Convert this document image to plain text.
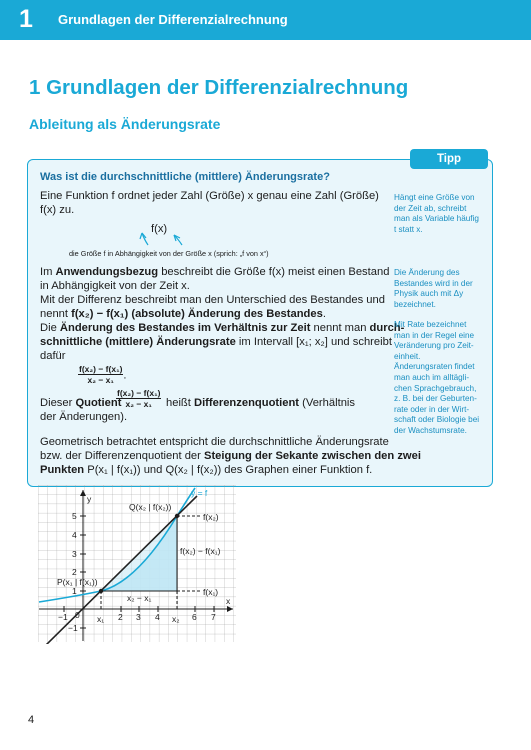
1 Grundlagen der Differenzialrechnung
1 Grundlagen der Differenzialrechnung
Ableitung als Änderungsrate
Tipp
Was ist die durchschnittliche (mittlere) Änderungsrate?
Eine Funktion f ordnet jeder Zahl (Größe) x genau eine Zahl (Größe)
f(x) zu.
f(x)
die Größe f in Abhängigkeit von der Größe x (sprich: „f von x“)
Im Anwendungsbezug beschreibt die Größe f(x) meist einen Bestand
in Abhängigkeit von der Zeit x.
Mit der Differenz beschreibt man den Unterschied des Bestandes und
nennt f(x₂) − f(x₁) (absolute) Änderung des Bestandes.
Die Änderung des Bestandes im Verhältnis zur Zeit nennt man durch-
schnittliche (mittlere) Änderungsrate im Intervall [x₁; x₂] und schreibt
dafür
$\frac{\text{f(x₂) − f(x₁)}}{\text{x₂ − x₁}}$ .
Dieser Quotient
$\frac{\text{f(x₂) − f(x₁)}}{\text{x₂ − x₁}}$ heißt Differenzenquotient (Verhältnis
der Änderungen).
Geometrisch betrachtet entspricht die durchschnittliche Änderungsrate
bzw. der Differenzenquotient der Steigung der Sekante zwischen den zwei
Punkten P(x₁ | f(x₁)) und Q(x₂ | f(x₂)) des Graphen einer Funktion f.
Hängt eine Größe von
der Zeit ab, schreibt
man als Variable häufig
t statt x.
Die Änderung des
Bestandes wird in der
Physik auch mit Δy
bezeichnet.
Mit Rate bezeichnet
man in der Regel eine
Veränderung pro Zeit-
einheit.
Änderungsraten findet
man auch im alltägli-
chen Sprachgebrauch,
z. B. bei der Geburten-
rate oder in der Wirt-
schaft oder Biologie bei
der Wachstumsrate.
y
x
y = f
Q(x₂ | f(x₂))
P(x₁ | f(x₁))
f(x₂)
f(x₁)
f(x₂) − f(x₁)
x₂ − x₁
x₁	x₂
0
−1	2 3 4	6 7
5
4
3
2
1
−1
4
